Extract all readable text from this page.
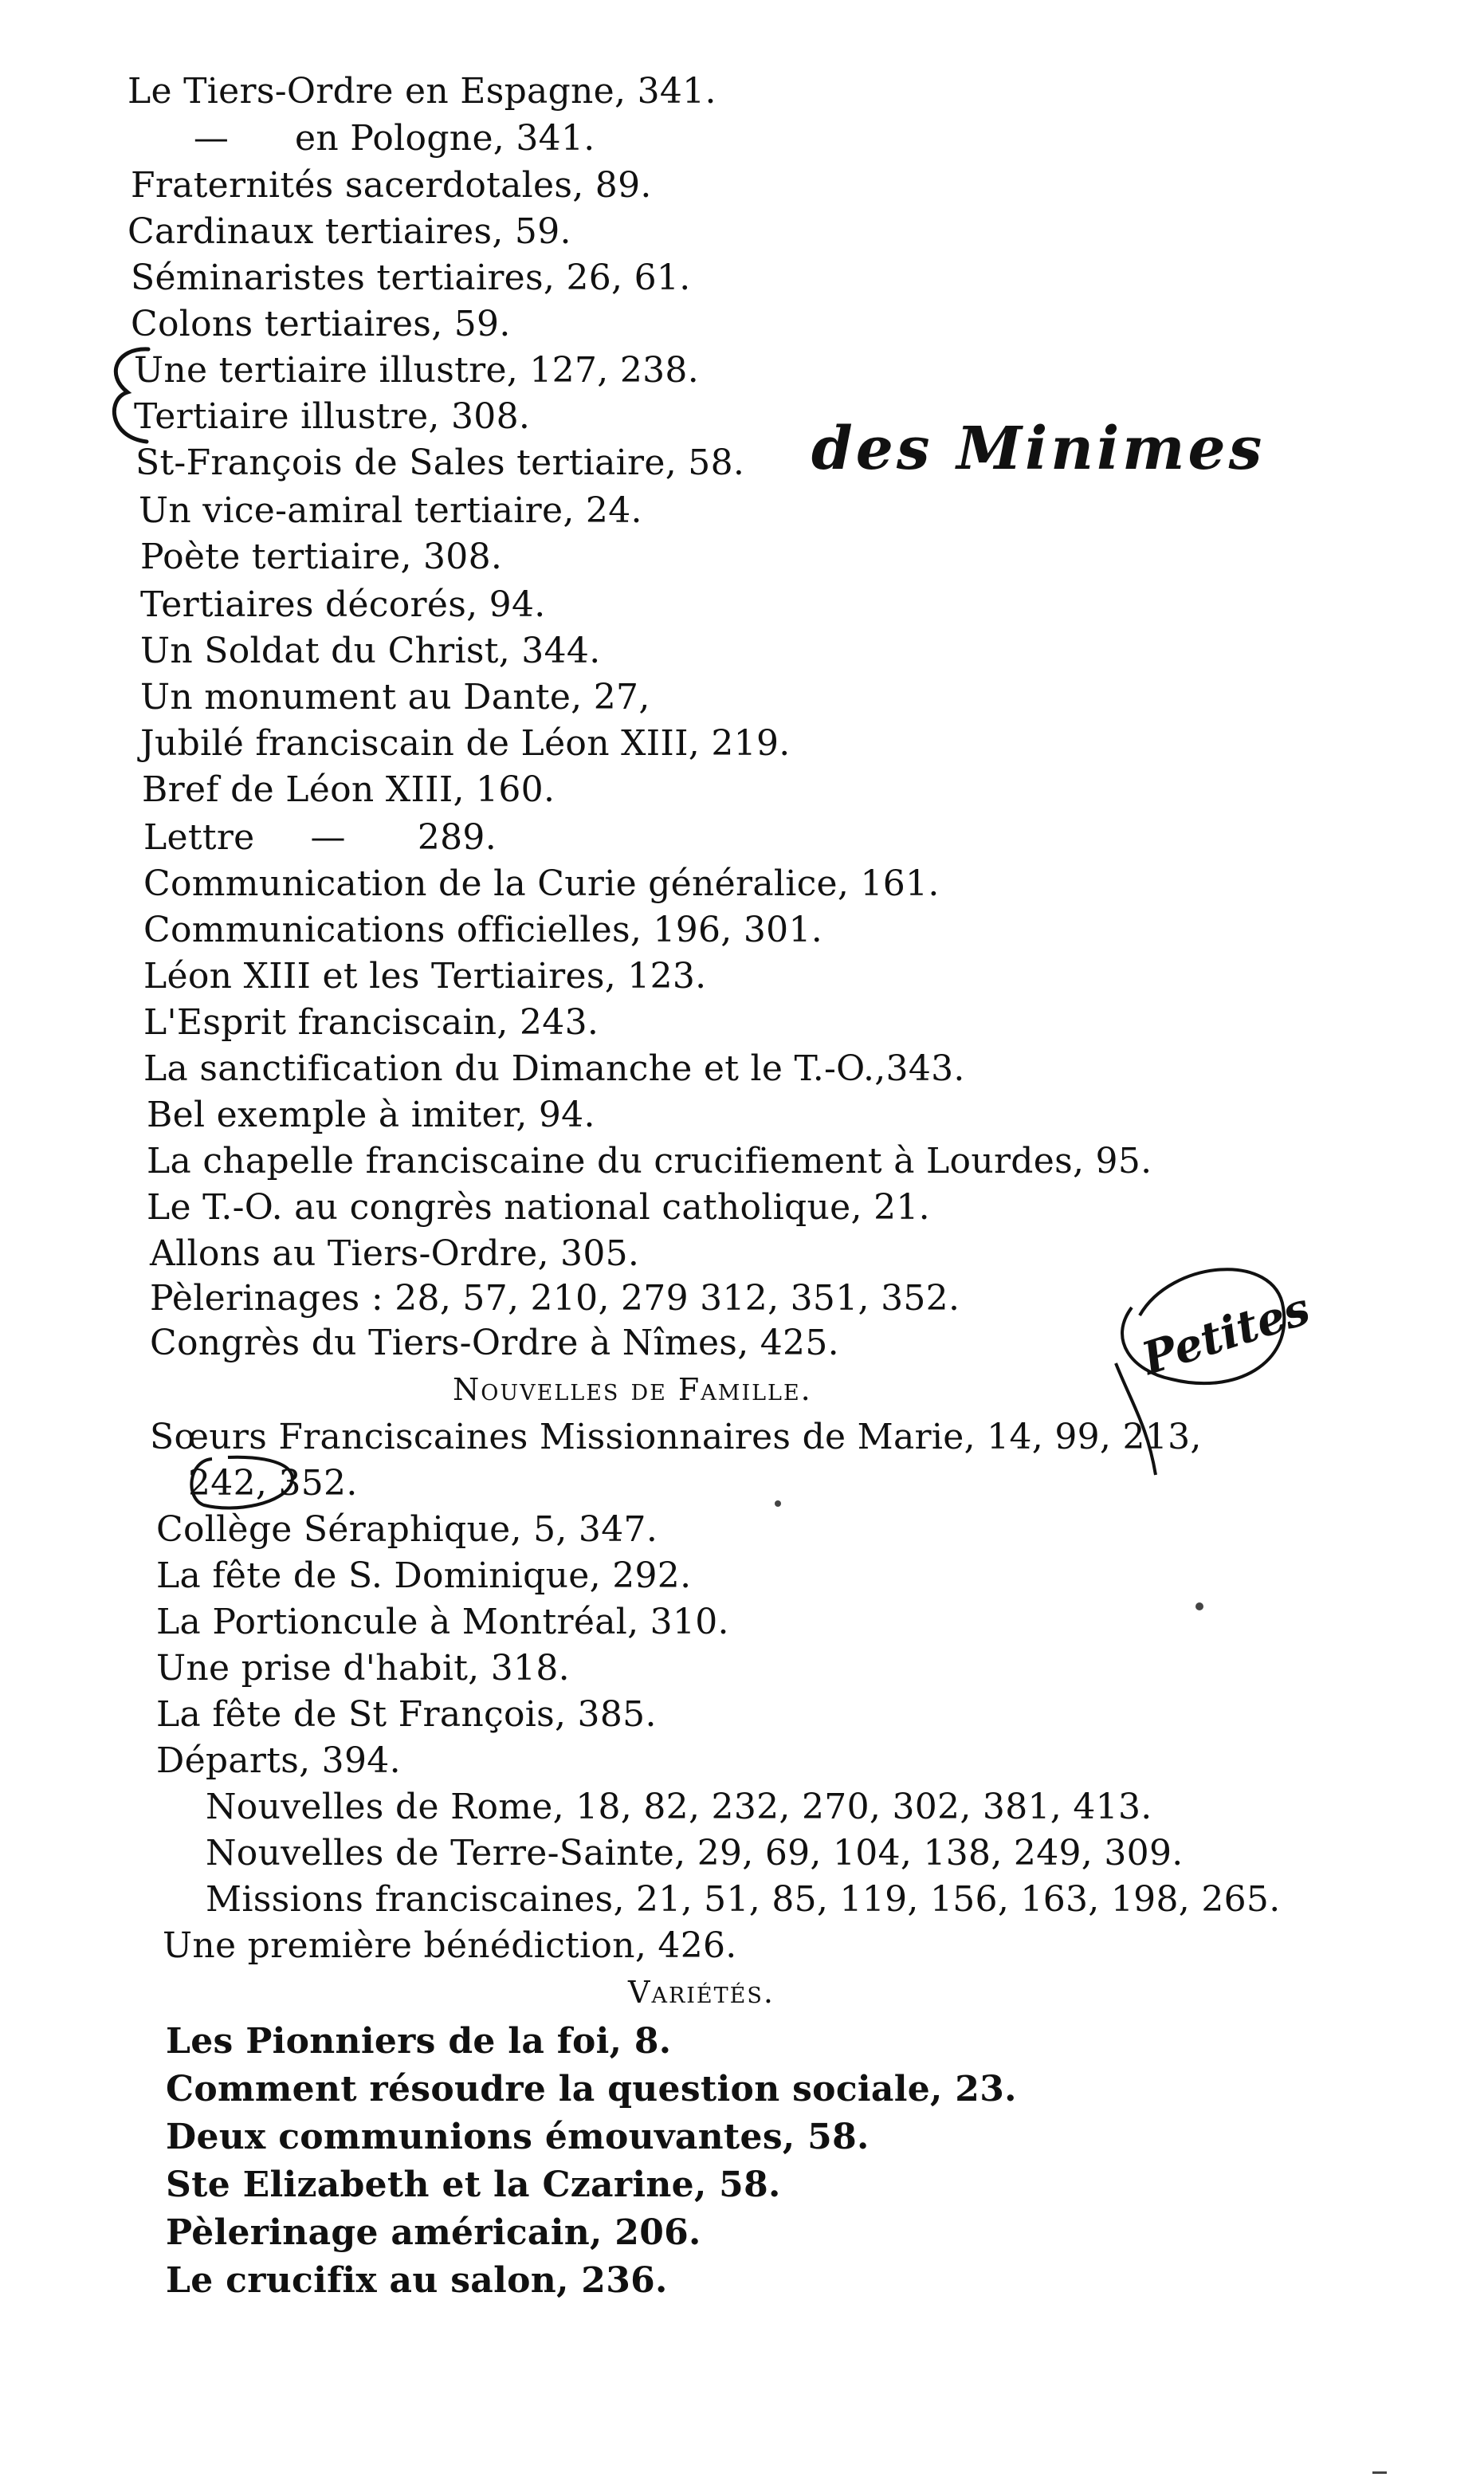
Le Tiers-Ordre en Espagne, 341.
— en Pologne, 341.
Fraternités sacerdotales, 89.
Cardinaux tertiaires, 59.
Séminaristes tertiaires, 26, 61.
Colons tertiaires, 59.
Une tertiaire illustre, 127, 238.
Tertiaire illustre, 308.
St-François de Sales tertiaire, 58.
Un vice-amiral tertiaire, 24.
Poète tertiaire, 308.
Tertiaires décorés, 94.
Un Soldat du Christ, 344.
Un monument au Dante, 27,
Jubilé franciscain de Léon XIII, 219.
Bref de Léon XIII, 160.
Lettre — 289.
Communication de la Curie généralice, 161.
Communications officielles, 196, 301.
Léon XIII et les Tertiaires, 123.
L'Esprit franciscain, 243.
La sanctification du Dimanche et le T.-O.,343.
Bel exemple à imiter, 94.
La chapelle franciscaine du crucifiement à Lourdes, 95.
Le T.-O. au congrès national catholique, 21.
Allons au Tiers-Ordre, 305.
Pèlerinages : 28, 57, 210, 279 312, 351, 352.
Congrès du Tiers-Ordre à Nîmes, 425.
Nouvelles de Famille.
Sœurs Franciscaines Missionnaires de Marie, 14, 99, 213,
242, 352.
Collège Séraphique, 5, 347.
La fête de S. Dominique, 292.
La Portioncule à Montréal, 310.
Une prise d'habit, 318.
La fête de St François, 385.
Départs, 394.
Nouvelles de Rome, 18, 82, 232, 270, 302, 381, 413.
Nouvelles de Terre-Sainte, 29, 69, 104, 138, 249, 309.
Missions franciscaines, 21, 51, 85, 119, 156, 163, 198, 265.
Une première bénédiction, 426.
Variétés.
Les Pionniers de la foi, 8.
Comment résoudre la question sociale, 23.
Deux communions émouvantes, 58.
Ste Elizabeth et la Czarine, 58.
Pèlerinage américain, 206.
Le crucifix au salon, 236.
des Minimes
Petites
